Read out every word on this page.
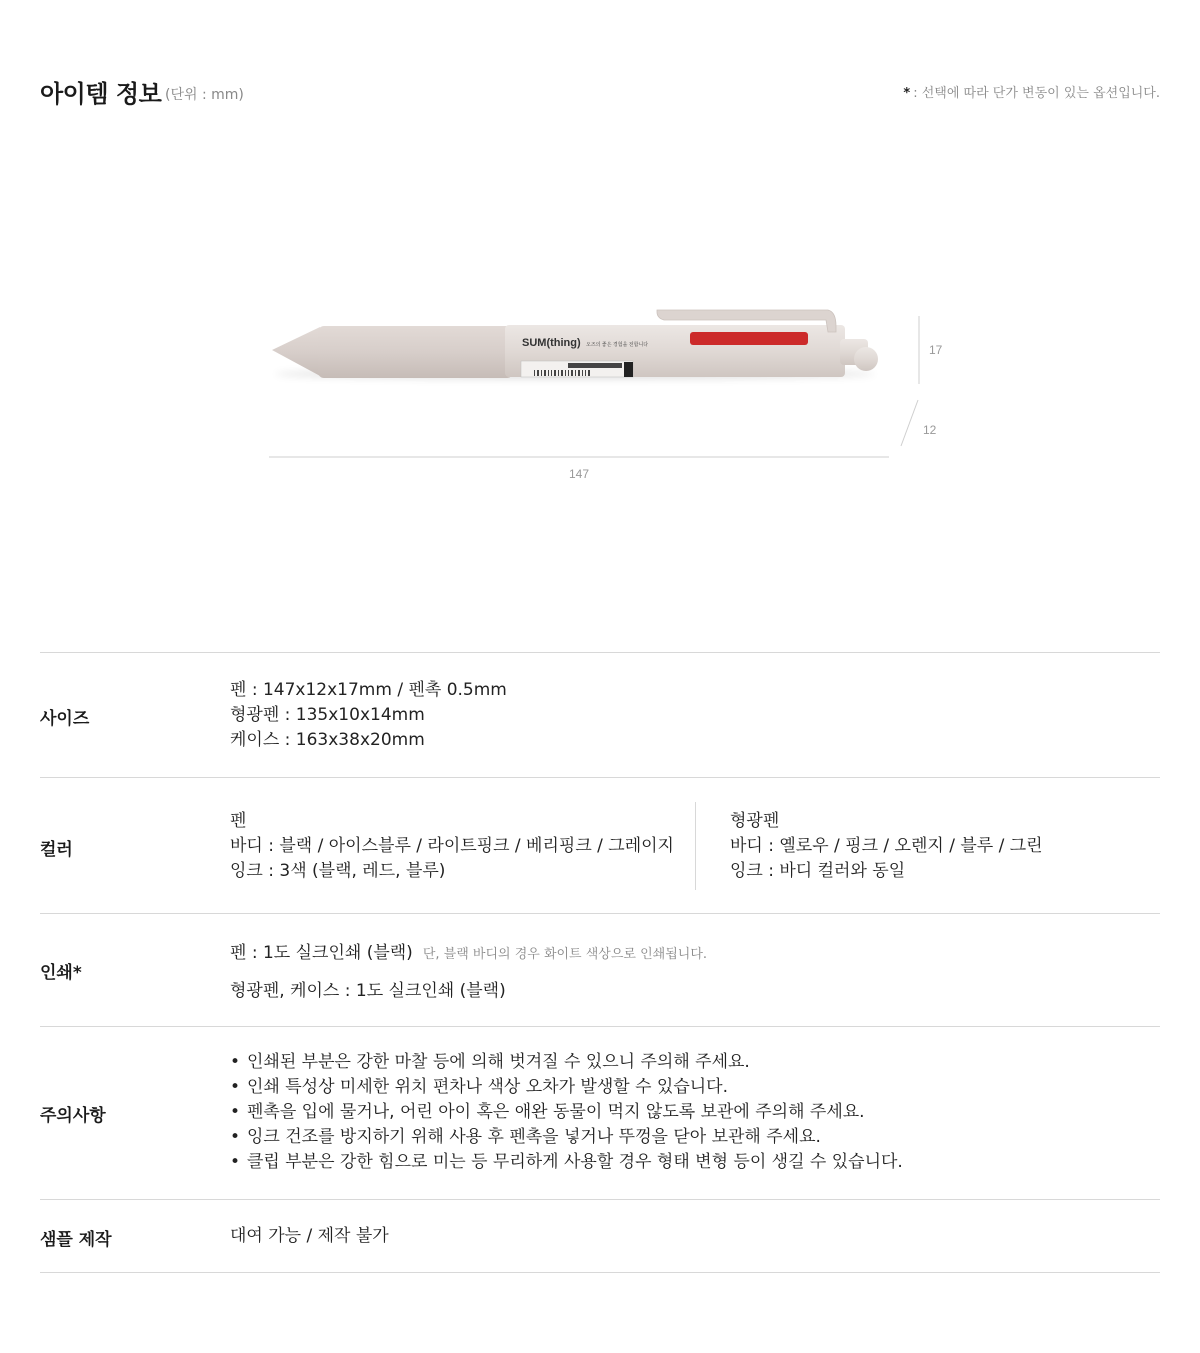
아이템 정보 (단위 : mm)	* : 선택에 따라 단가 변동이 있는 옵션입니다.
SUM(thing) 오즈의 좋은 경험을 전합니다
147
17
12
사이즈
펜 : 147x12x17mm / 펜촉 0.5mm
형광펜 : 135x10x14mm
케이스 : 163x38x20mm
컬러
펜
바디 : 블랙 / 아이스블루 / 라이트핑크 / 베리핑크 / 그레이지
잉크 : 3색 (블랙, 레드, 블루)
형광펜
바디 : 옐로우 / 핑크 / 오렌지 / 블루 / 그린
잉크 : 바디 컬러와 동일
인쇄*
펜 : 1도 실크인쇄 (블랙) 단, 블랙 바디의 경우 화이트 색상으로 인쇄됩니다.
형광펜, 케이스 : 1도 실크인쇄 (블랙)
주의사항
• 인쇄된 부분은 강한 마찰 등에 의해 벗겨질 수 있으니 주의해 주세요.
• 인쇄 특성상 미세한 위치 편차나 색상 오차가 발생할 수 있습니다.
• 펜촉을 입에 물거나, 어린 아이 혹은 애완 동물이 먹지 않도록 보관에 주의해 주세요.
• 잉크 건조를 방지하기 위해 사용 후 펜촉을 넣거나 뚜껑을 닫아 보관해 주세요.
• 클립 부분은 강한 힘으로 미는 등 무리하게 사용할 경우 형태 변형 등이 생길 수 있습니다.
샘플 제작	대여 가능 / 제작 불가
